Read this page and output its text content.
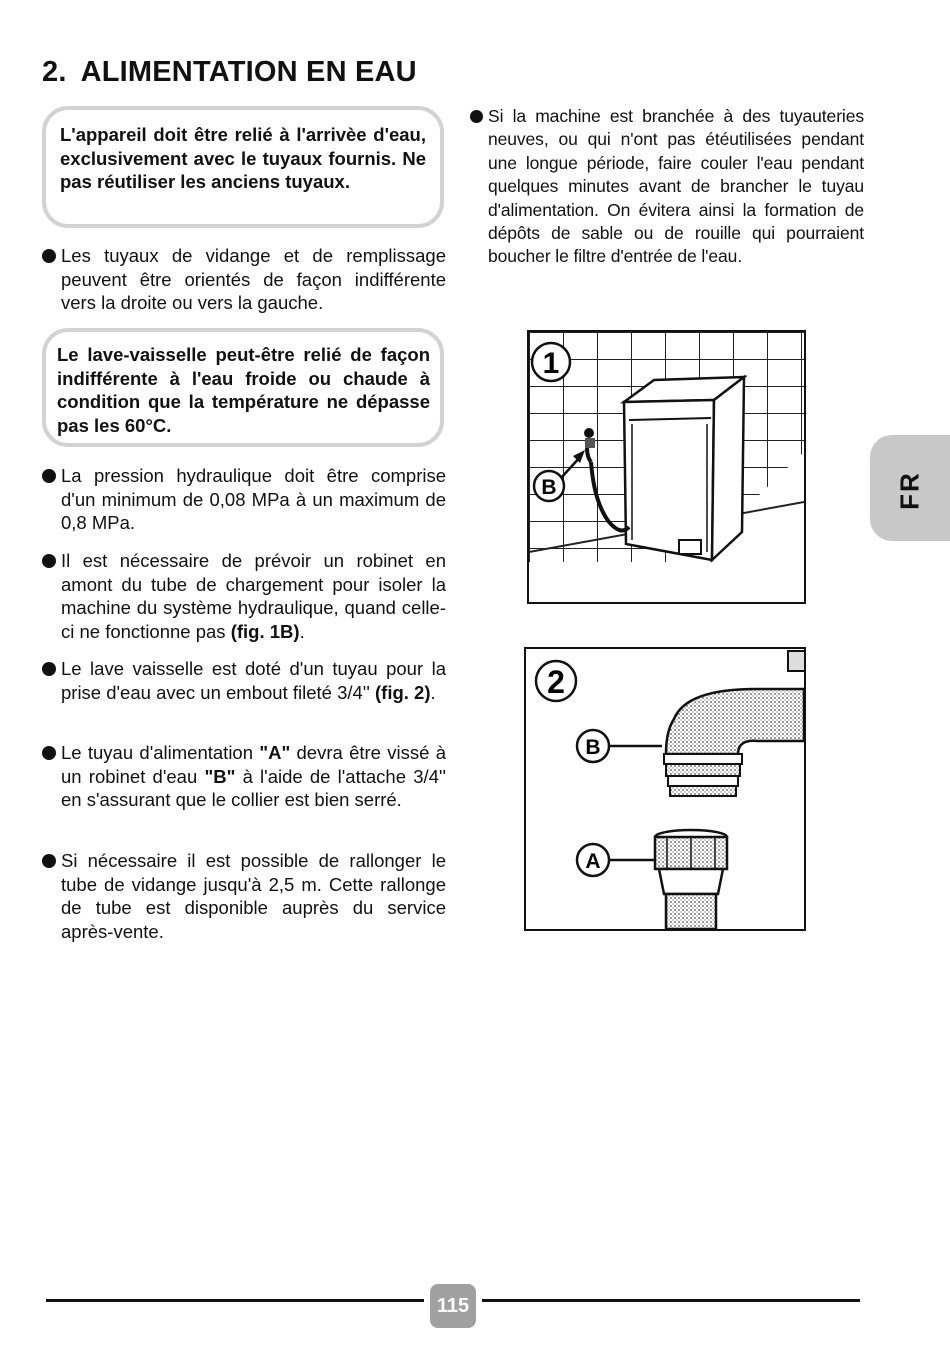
2. ALIMENTATION EN EAU
L'appareil doit être relié à l'arrivèe d'eau, exclusivement avec le tuyaux fournis. Ne pas réutiliser les anciens tuyaux.
Les tuyaux de vidange et de remplissage peuvent être orientés de façon indifférente vers la droite ou vers la gauche.
Le lave-vaisselle peut-être relié de façon indifférente à l'eau froide ou chaude à condition que la température ne dépasse pas les 60°C.
La pression hydraulique doit être comprise d'un minimum de 0,08 MPa à un maximum de 0,8 MPa.
Il est nécessaire de prévoir un robinet en amont du tube de chargement pour isoler la machine du système hydraulique, quand celle-ci ne fonctionne pas (fig. 1B).
Le lave vaisselle est doté d'un tuyau pour la prise d'eau avec un embout fileté 3/4'' (fig. 2).
Le tuyau d'alimentation "A" devra être vissé à un robinet d'eau "B" à l'aide de l'attache 3/4'' en s'assurant que le collier est bien serré.
Si nécessaire il est possible de rallonger le tube de vidange jusqu'à 2,5 m. Cette rallonge de tube est disponible auprès du service après-vente.
Si la machine est branchée à des tuyauteries neuves, ou qui n'ont pas étéutilisées pendant une longue période, faire couler l'eau pendant quelques minutes avant de brancher le tuyau d'alimentation. On évitera ainsi la formation de dépôts de sable ou de rouille qui pourraient boucher le filtre d'entrée de l'eau.
1
B
2
B
A
FR
115
